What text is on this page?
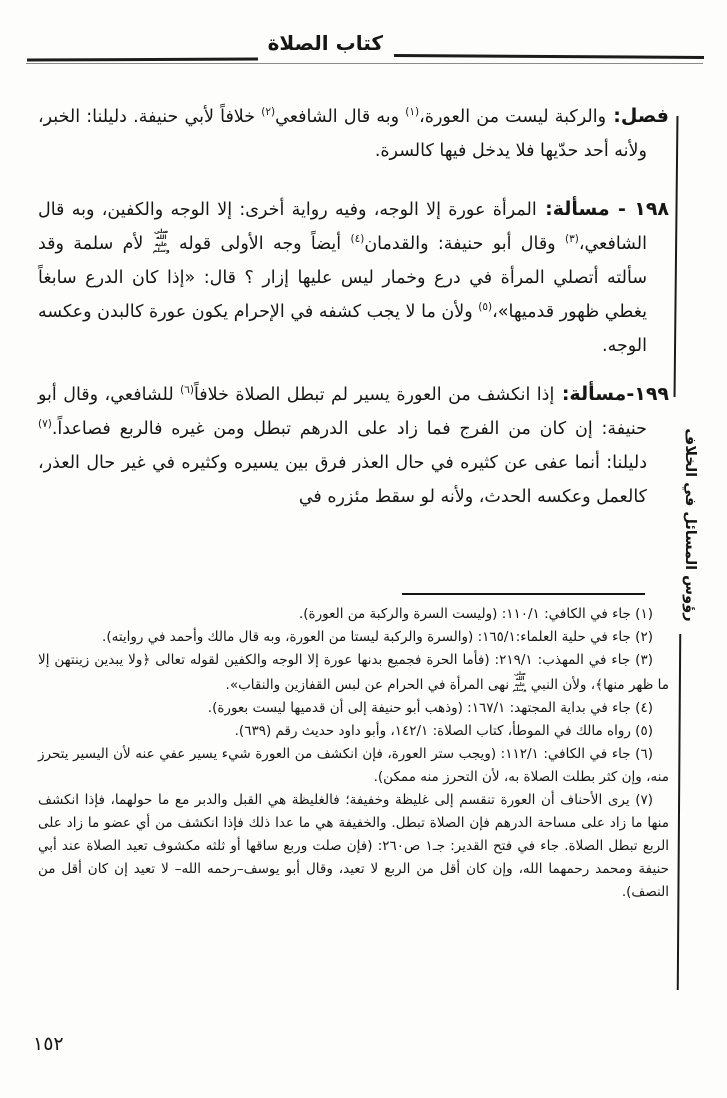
كتاب الصلاة

فصل: والركبة ليست من العورة،(١) وبه قال الشافعي(٢) خلافاً لأبي حنيفة. دليلنا: الخبر، ولأنه أحد حدّيها فلا يدخل فيها كالسرة.

١٩٨ - مسألة: المرأة عورة إلا الوجه، وفيه رواية أخرى: إلا الوجه والكفين، وبه قال الشافعي،(٣) وقال أبو حنيفة: والقدمان(٤) أيضاً وجه الأولى قوله صلى الله عليه وسلم لأم سلمة وقد سألته أتصلي المرأة في درع وخمار ليس عليها إزار ؟ قال: «إذا كان الدرع سابغاً يغطي ظهور قدميها»،(٥) ولأن ما لا يجب كشفه في الإحرام يكون عورة كالبدن وعكسه الوجه.

١٩٩-مسألة: إذا انكشف من العورة يسير لم تبطل الصلاة خلافاً(٦) للشافعي، وقال أبو حنيفة: إن كان من الفرج فما زاد على الدرهم تبطل ومن غيره فالربع فصاعداً.(٧) دليلنا: أنما عفى عن كثيره في حال العذر فرق بين يسيره وكثيره في غير حال العذر، كالعمل وعكسه الحدث، ولأنه لو سقط مئزره في

(١) جاء في الكافي: ١١٠/١: (وليست السرة والركبة من العورة).

(٢) جاء في حلية العلماء:١٦٥/١: (والسرة والركبة ليستا من العورة، وبه قال مالك وأحمد في روايته).

(٣) جاء في المهذب: ٢١٩/١: (فأما الحرة فجميع بدنها عورة إلا الوجه والكفين لقوله تعالى ﴿ولا يبدين زينتهن إلا ما ظهر منها﴾، ولأن النبي صلى الله عليه وسلم نهى المرأة في الحرام عن لبس القفازين والنقاب».

(٤) جاء في بداية المجتهد: ١٦٧/١: (وذهب أبو حنيفة إلى أن قدميها ليست بعورة).

(٥) رواه مالك في الموطأ، كتاب الصلاة: ١٤٢/١، وأبو داود حديث رقم (٦٣٩).

(٦) جاء في الكافي: ١١٢/١: (ويجب ستر العورة، فإن انكشف من العورة شيء يسير عفي عنه لأن اليسير يتحرز منه، وإن كثر بطلت الصلاة به، لأن التحرز منه ممكن).

(٧) يرى الأحناف أن العورة تنقسم إلى غليظة وخفيفة؛ فالغليظة هي القبل والدبر مع ما حولهما، فإذا انكشف منها ما زاد على مساحة الدرهم فإن الصلاة تبطل. والخفيفة هي ما عدا ذلك فإذا انكشف من أي عضو ما زاد على الربع تبطل الصلاة. جاء في فتح القدير: جـ١ ص٢٦٠: (فإن صلت وربع ساقها أو ثلثه مكشوف تعيد الصلاة عند أبي حنيفة ومحمد رحمهما الله، وإن كان أقل من الربع لا تعيد، وقال أبو يوسف–رحمه الله– لا تعيد إن كان أقل من النصف).

رؤوس المسائل في الخلاف
١٥٢
